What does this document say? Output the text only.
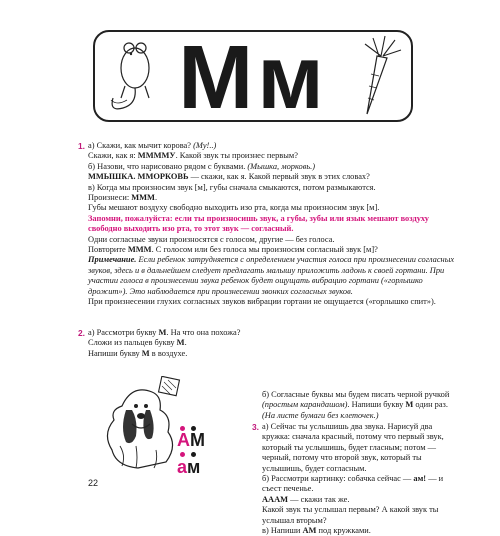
Мм
1. а) Скажи, как мычит корова? (Му!..)

Скажи, как я: ММММУ. Какой звук ты произнес первым?

б) Назови, что нарисовано рядом с буквами. (Мышка, морковь.)

ММЫШКА. ММОРКОВЬ — скажи, как я. Какой первый звук в этих словах?

в) Когда мы произносим звук [м], губы сначала смыкаются, потом размыкаются.

Произнеси: МММ.

Губы мешают воздуху свободно выходить изо рта, когда мы произносим звук [м].

Запомни, пожалуйста: если ты произносишь звук, а губы, зубы или язык мешают воздуху свободно выходить изо рта, то этот звук — согласный.

Одни согласные звуки произносятся с голосом, другие — без голоса.

Повторите МММ. С голосом или без голоса мы произносим согласный звук [м]?

Примечание. Если ребенок затрудняется с определением участия голоса при произнесении согласных звуков, здесь и в дальнейшем следует предлагать малышу приложить ладонь к своей гортани. При участии голоса в произнесении звука ребенок будет ощущать вибрацию гортани («горлышко дрожит»). Это наблюдается при произнесении звонких согласных звуков.

При произнесении глухих согласных звуков вибрации гортани не ощущается («горлышко спит»).

2. а) Рассмотри букву М. На что она похожа?

Сложи из пальцев букву М.

Напиши букву М в воздухе.

б) Согласные буквы мы будем писать черной ручкой (простым карандашом). Напиши букву М один раз.

(На листе бумаги без клеточек.)

3. а) Сейчас ты услышишь два звука. Нарисуй два кружка: сначала красный, потому что первый звук, который ты услышишь, будет гласным; потом — черный, потому что второй звук, который ты услышишь, будет согласным.

б) Рассмотри картинку: собачка сейчас — ам! — и съест печенье.

АААМ — скажи так же.

Какой звук ты услышал первым? А какой звук ты услышал вторым?

в) Напиши АМ под кружками.

АМ
ам
22
